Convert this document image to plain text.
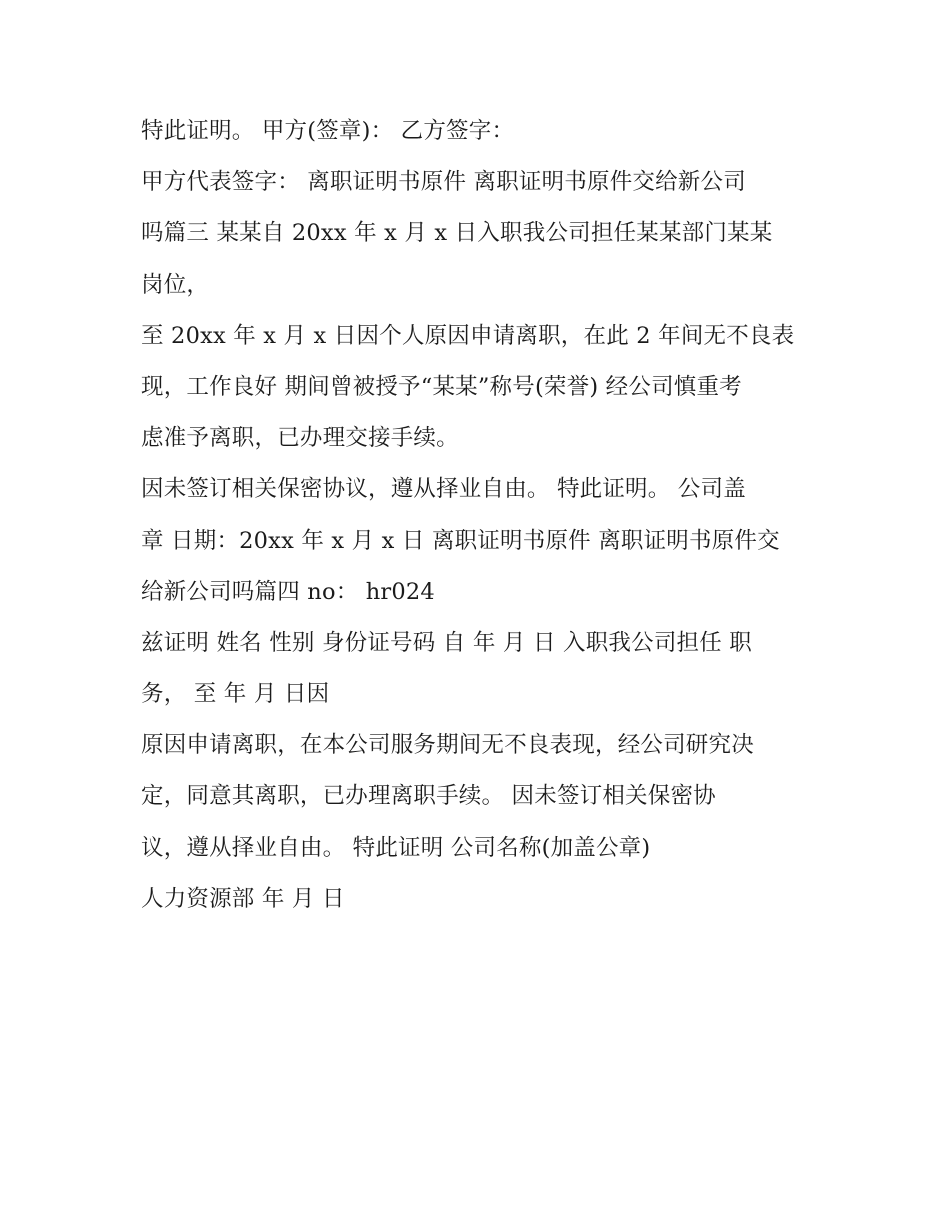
特此证明。 甲方(签章)： 乙方签字：
甲方代表签字： 离职证明书原件 离职证明书原件交给新公司
吗篇三 某某自 20xx 年 x 月 x 日入职我公司担任某某部门某某
岗位，
至 20xx 年 x 月 x 日因个人原因申请离职，在此 2 年间无不良表
现，工作良好 期间曾被授予“某某”称号(荣誉) 经公司慎重考
虑准予离职，已办理交接手续。
因未签订相关保密协议，遵从择业自由。 特此证明。 公司盖
章 日期：20xx 年 x 月 x 日 离职证明书原件 离职证明书原件交
给新公司吗篇四 no： hr024
兹证明 姓名 性别 身份证号码 自 年 月 日 入职我公司担任 职
务， 至 年 月 日因
原因申请离职，在本公司服务期间无不良表现，经公司研究决
定，同意其离职，已办理离职手续。 因未签订相关保密协
议，遵从择业自由。 特此证明 公司名称(加盖公章)
人力资源部 年 月 日
